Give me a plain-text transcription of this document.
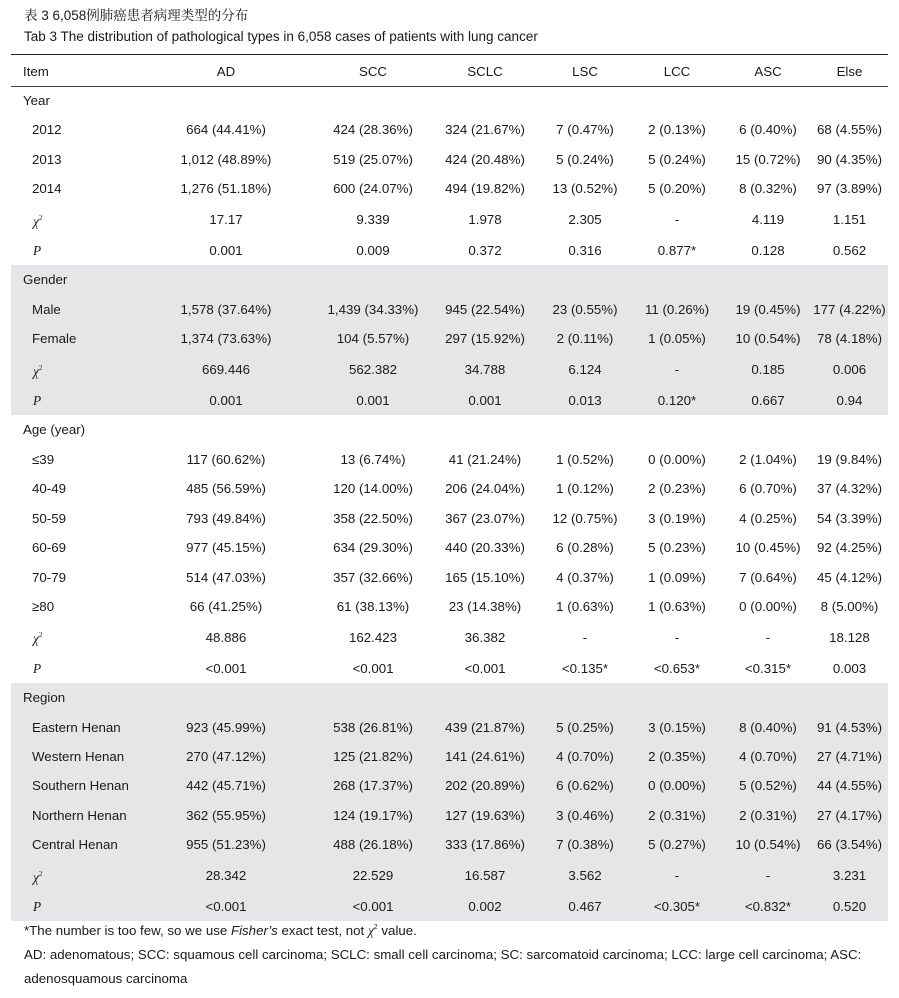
表 3 6,058例肺癌患者病理类型的分布
Tab 3 The distribution of pathological types in 6,058 cases of patients with lung cancer
Item	AD	SCC	SCLC	LSC	LCC	ASC	Else
Year							
2012	664 (44.41%)	424 (28.36%)	324 (21.67%)	7 (0.47%)	2 (0.13%)	6 (0.40%)	68 (4.55%)
2013	1,012 (48.89%)	519 (25.07%)	424 (20.48%)	5 (0.24%)	5 (0.24%)	15 (0.72%)	90 (4.35%)
2014	1,276 (51.18%)	600 (24.07%)	494 (19.82%)	13 (0.52%)	5 (0.20%)	8 (0.32%)	97 (3.89%)
$\chi^2$	17.17	9.339	1.978	2.305	-	4.119	1.151
P	0.001	0.009	0.372	0.316	0.877*	0.128	0.562
Gender							
Male	1,578 (37.64%)	1,439 (34.33%)	945 (22.54%)	23 (0.55%)	11 (0.26%)	19 (0.45%)	177 (4.22%)
Female	1,374 (73.63%)	104 (5.57%)	297 (15.92%)	2 (0.11%)	1 (0.05%)	10 (0.54%)	78 (4.18%)
$\chi^2$	669.446	562.382	34.788	6.124	-	0.185	0.006
P	0.001	0.001	0.001	0.013	0.120*	0.667	0.94
Age (year)							
≤39	117 (60.62%)	13 (6.74%)	41 (21.24%)	1 (0.52%)	0 (0.00%)	2 (1.04%)	19 (9.84%)
40-49	485 (56.59%)	120 (14.00%)	206 (24.04%)	1 (0.12%)	2 (0.23%)	6 (0.70%)	37 (4.32%)
50-59	793 (49.84%)	358 (22.50%)	367 (23.07%)	12 (0.75%)	3 (0.19%)	4 (0.25%)	54 (3.39%)
60-69	977 (45.15%)	634 (29.30%)	440 (20.33%)	6 (0.28%)	5 (0.23%)	10 (0.45%)	92 (4.25%)
70-79	514 (47.03%)	357 (32.66%)	165 (15.10%)	4 (0.37%)	1 (0.09%)	7 (0.64%)	45 (4.12%)
≥80	66 (41.25%)	61 (38.13%)	23 (14.38%)	1 (0.63%)	1 (0.63%)	0 (0.00%)	8 (5.00%)
$\chi^2$	48.886	162.423	36.382	-	-	-	18.128
P	<0.001	<0.001	<0.001	<0.135*	<0.653*	<0.315*	0.003
Region							
Eastern Henan	923 (45.99%)	538 (26.81%)	439 (21.87%)	5 (0.25%)	3 (0.15%)	8 (0.40%)	91 (4.53%)
Western Henan	270 (47.12%)	125 (21.82%)	141 (24.61%)	4 (0.70%)	2 (0.35%)	4 (0.70%)	27 (4.71%)
Southern Henan	442 (45.71%)	268 (17.37%)	202 (20.89%)	6 (0.62%)	0 (0.00%)	5 (0.52%)	44 (4.55%)
Northern Henan	362 (55.95%)	124 (19.17%)	127 (19.63%)	3 (0.46%)	2 (0.31%)	2 (0.31%)	27 (4.17%)
Central Henan	955 (51.23%)	488 (26.18%)	333 (17.86%)	7 (0.38%)	5 (0.27%)	10 (0.54%)	66 (3.54%)
$\chi^2$	28.342	22.529	16.587	3.562	-	-	3.231
P	<0.001	<0.001	0.002	0.467	<0.305*	<0.832*	0.520
*The number is too few, so we use Fisher’s exact test, not $\chi^2$ value.
AD: adenomatous; SCC: squamous cell carcinoma; SCLC: small cell carcinoma; SC: sarcomatoid carcinoma; LCC: large cell carcinoma; ASC: adenosquamous carcinoma
